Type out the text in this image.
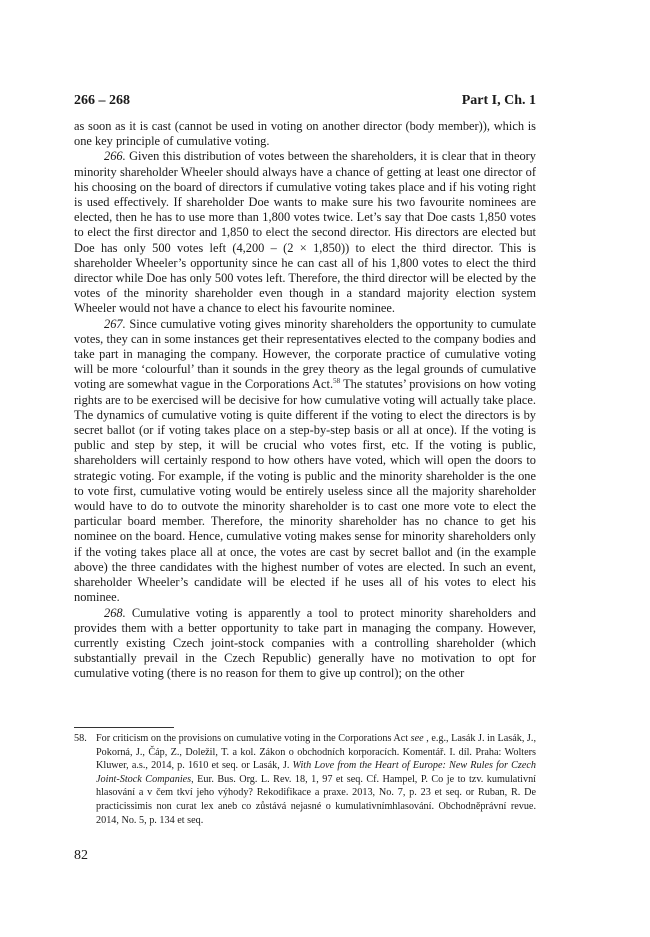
266 – 268	Part I, Ch. 1

as soon as it is cast (cannot be used in voting on another director (body member)), which is one key principle of cumulative voting.

266. Given this distribution of votes between the shareholders, it is clear that in theory minority shareholder Wheeler should always have a chance of getting at least one director of his choosing on the board of directors if cumulative voting takes place and if his voting right is used effectively. If shareholder Doe wants to make sure his two favourite nominees are elected, then he has to use more than 1,800 votes twice. Let’s say that Doe casts 1,850 votes to elect the first director and 1,850 to elect the second director. His directors are elected but Doe has only 500 votes left (4,200 – (2 × 1,850)) to elect the third director. This is shareholder Wheeler’s opportunity since he can cast all of his 1,800 votes to elect the third director while Doe has only 500 votes left. Therefore, the third director will be elected by the votes of the minority shareholder even though in a standard majority election system Wheeler would not have a chance to elect his favourite nominee.

267. Since cumulative voting gives minority shareholders the opportunity to cumulate votes, they can in some instances get their representatives elected to the company bodies and take part in managing the company. However, the corporate practice of cumulative voting will be more ‘colourful’ than it sounds in the grey theory as the legal grounds of cumulative voting are somewhat vague in the Corporations Act.$^{58}$ The statutes’ provisions on how voting rights are to be exercised will be decisive for how cumulative voting will actually take place. The dynamics of cumulative voting is quite different if the voting to elect the directors is by secret ballot (or if voting takes place on a step-by-step basis or all at once). If the voting is public and step by step, it will be crucial who votes first, etc. If the voting is public, shareholders will certainly respond to how others have voted, which will open the doors to strategic voting. For example, if the voting is public and the minority shareholder is the one to vote first, cumulative voting would be entirely useless since all the majority shareholder would have to do to outvote the minority shareholder is to cast one more vote to elect the particular board member. Therefore, the minority shareholder has no chance to get his nominee on the board. Hence, cumulative voting makes sense for minority shareholders only if the voting takes place all at once, the votes are cast by secret ballot and (in the example above) the three candidates with the highest number of votes are elected. In such an event, shareholder Wheeler’s candidate will be elected if he uses all of his votes to elect his nominee.

268. Cumulative voting is apparently a tool to protect minority shareholders and provides them with a better opportunity to take part in managing the company. However, currently existing Czech joint-stock companies with a controlling shareholder (which substantially prevail in the Czech Republic) generally have no motivation to opt for cumulative voting (there is no reason for them to give up control); on the other

58. For criticism on the provisions on cumulative voting in the Corporations Act see , e.g., Lasák J. in Lasák, J., Pokorná, J., Čáp, Z., Doležil, T. a kol. Zákon o obchodních korporacích. Komentář. I. díl. Praha: Wolters Kluwer, a.s., 2014, p. 1610 et seq. or Lasák, J. With Love from the Heart of Europe: New Rules for Czech Joint-Stock Companies, Eur. Bus. Org. L. Rev. 18, 1, 97 et seq. Cf. Hampel, P. Co je to tzv. kumulativní hlasování a v čem tkví jeho výhody? Rekodifikace a praxe. 2013, No. 7, p. 23 et seq. or Ruban, R. De practicissimis non curat lex aneb co zůstává nejasné o kumulativnímhlasování. Obchodněprávní revue. 2014, No. 5, p. 134 et seq.
82
